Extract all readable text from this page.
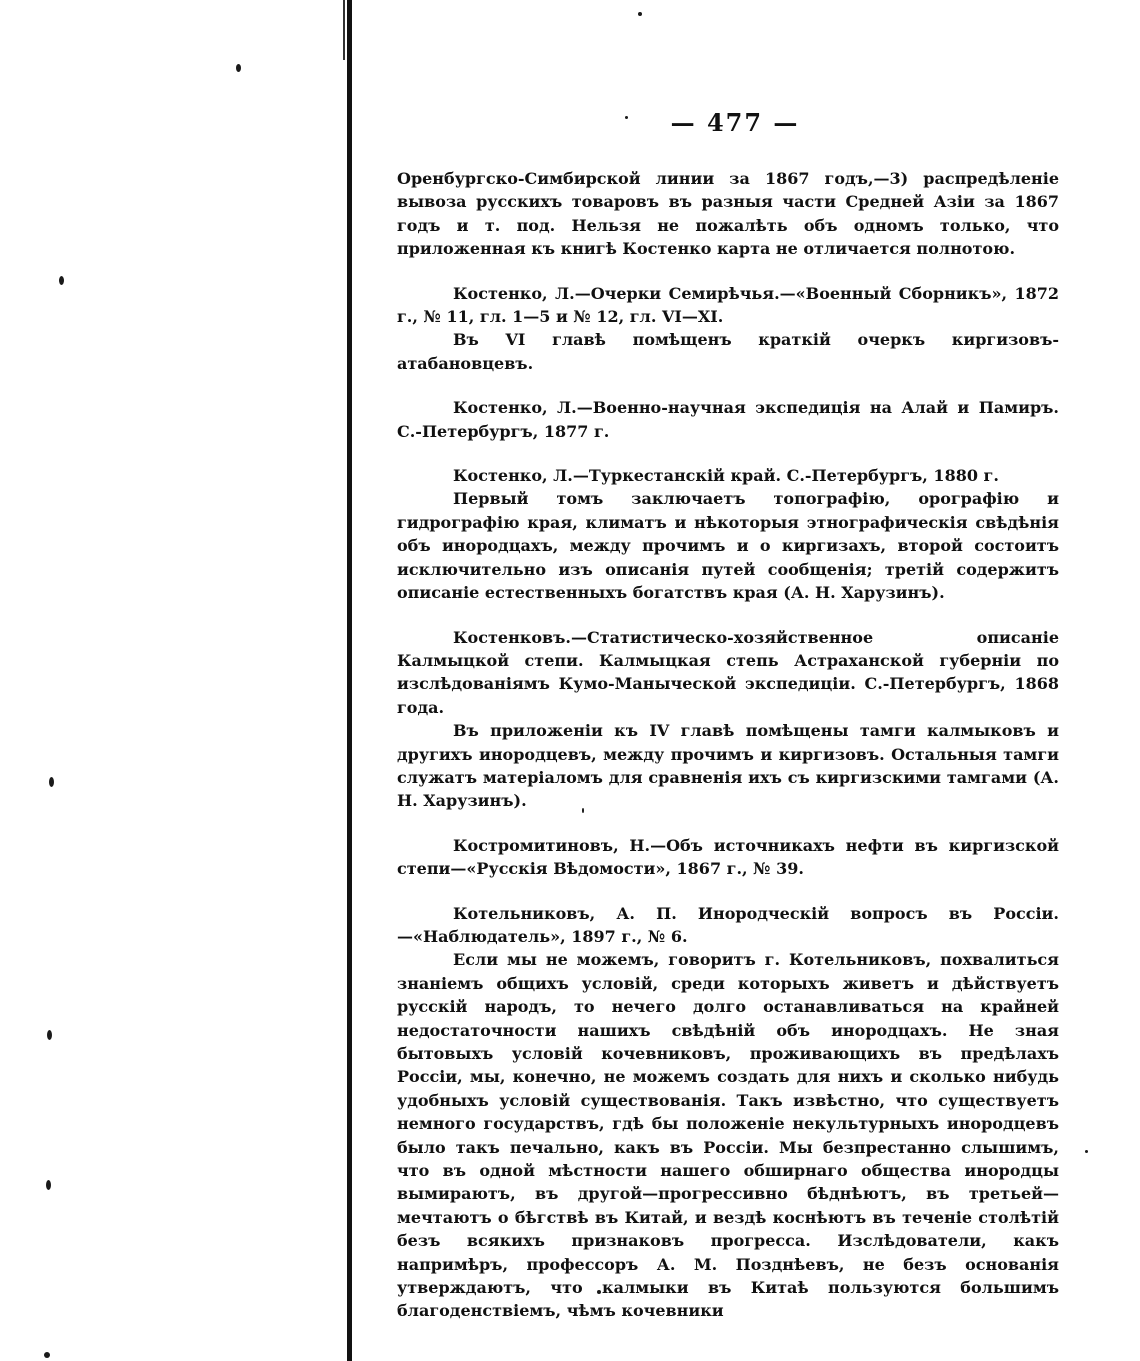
— 477 —

Оренбургско-Симбирской линии за 1867 годъ,—3) распредѣленіе вывоза русскихъ товаровъ въ разныя части Средней Азіи за 1867 годъ и т. под. Нельзя не пожалѣть объ одномъ только, что приложенная къ книгѣ Костенко карта не отличается полнотою.

Костенко, Л.—Очерки Семирѣчья.—«Военный Сборникъ», 1872 г., № 11, гл. 1—5 и № 12, гл. VI—XI.

Въ VI главѣ помѣщенъ краткій очеркъ киргизовъ-атабановцевъ.

Костенко, Л.—Военно-научная экспедиція на Алай и Памиръ. С.-Петербургъ, 1877 г.

Костенко, Л.—Туркестанскій край. С.-Петербургъ, 1880 г.

Первый томъ заключаетъ топографію, орографію и гидрографію края, климатъ и нѣкоторыя этнографическія свѣдѣнія объ инородцахъ, между прочимъ и о киргизахъ, второй состоитъ исключительно изъ описанія путей сообщенія; третій содержитъ описаніе естественныхъ богатствъ края (А. Н. Харузинъ).

Костенковъ.—Статистическо-хозяйственное описаніе Калмыцкой степи. Калмыцкая степь Астраханской губерніи по изслѣдованіямъ Кумо-Маныческой экспедиціи. С.-Петербургъ, 1868 года.

Въ приложеніи къ IV главѣ помѣщены тамги калмыковъ и другихъ инородцевъ, между прочимъ и киргизовъ. Остальныя тамги служатъ матеріаломъ для сравненія ихъ съ киргизскими тамгами (А. Н. Харузинъ).

Костромитиновъ, Н.—Объ источникахъ нефти въ киргизской степи—«Русскія Вѣдомости», 1867 г., № 39.

Котельниковъ, А. П. Инородческій вопросъ въ Россіи.—«Наблюдатель», 1897 г., № 6.

Если мы не можемъ, говоритъ г. Котельниковъ, похвалиться знаніемъ общихъ условій, среди которыхъ живетъ и дѣйствуетъ русскій народъ, то нечего долго останавливаться на крайней недостаточности нашихъ свѣдѣній объ инородцахъ. Не зная бытовыхъ условій кочевниковъ, проживающихъ въ предѣлахъ Россіи, мы, конечно, не можемъ создать для нихъ и сколько нибудь удобныхъ условій существованія. Такъ извѣстно, что существуетъ немного государствъ, гдѣ бы положеніе некультурныхъ инородцевъ было такъ печально, какъ въ Россіи. Мы безпрестанно слышимъ, что въ одной мѣстности нашего обширнаго общества инородцы вымираютъ, въ другой—прогрессивно бѣднѣютъ, въ третьей—мечтаютъ о бѣгствѣ въ Китай, и вездѣ коснѣютъ въ теченіе столѣтій безъ всякихъ признаковъ прогресса. Изслѣдователи, какъ напримѣръ, профессоръ А. М. Позднѣевъ, не безъ основанія утверждаютъ, что калмыки въ Китаѣ пользуются большимъ благоденствіемъ, чѣмъ кочевники
